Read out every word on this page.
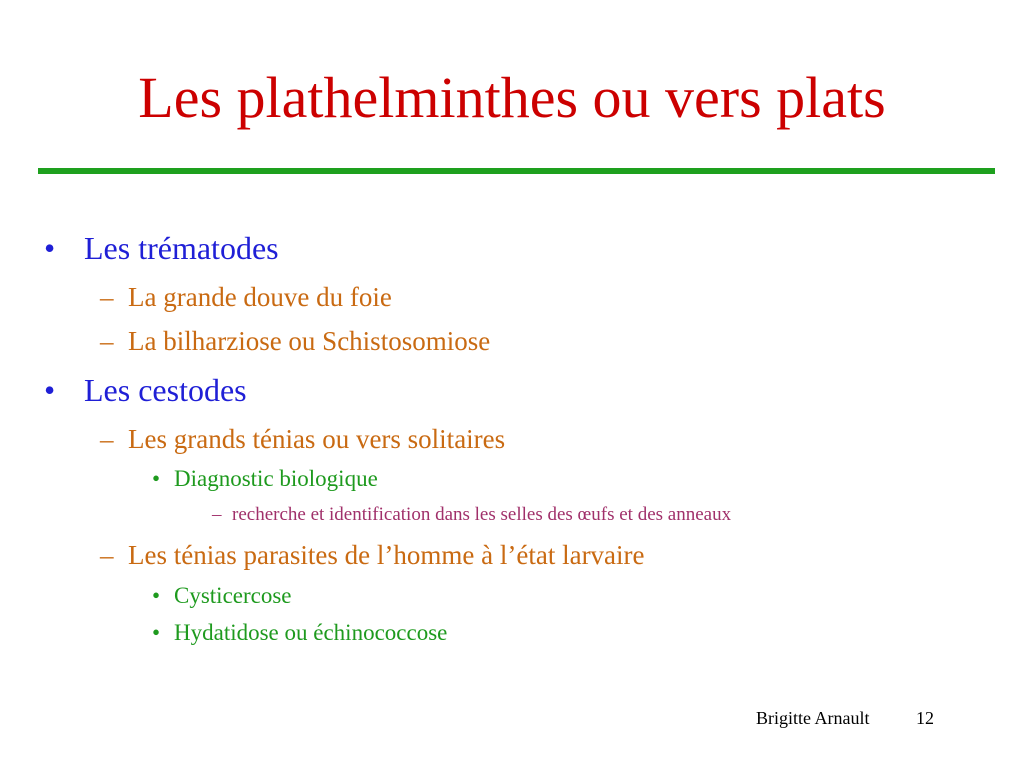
Les plathelminthes ou vers plats
• Les trématodes
– La grande douve du foie
– La bilharziose ou Schistosomiose
• Les cestodes
– Les grands ténias ou vers solitaires
• Diagnostic biologique
– recherche et identification dans les selles des œufs et des anneaux
– Les ténias parasites de l’homme à l’état larvaire
• Cysticercose
• Hydatidose ou échinococcose
Brigitte Arnault	12
